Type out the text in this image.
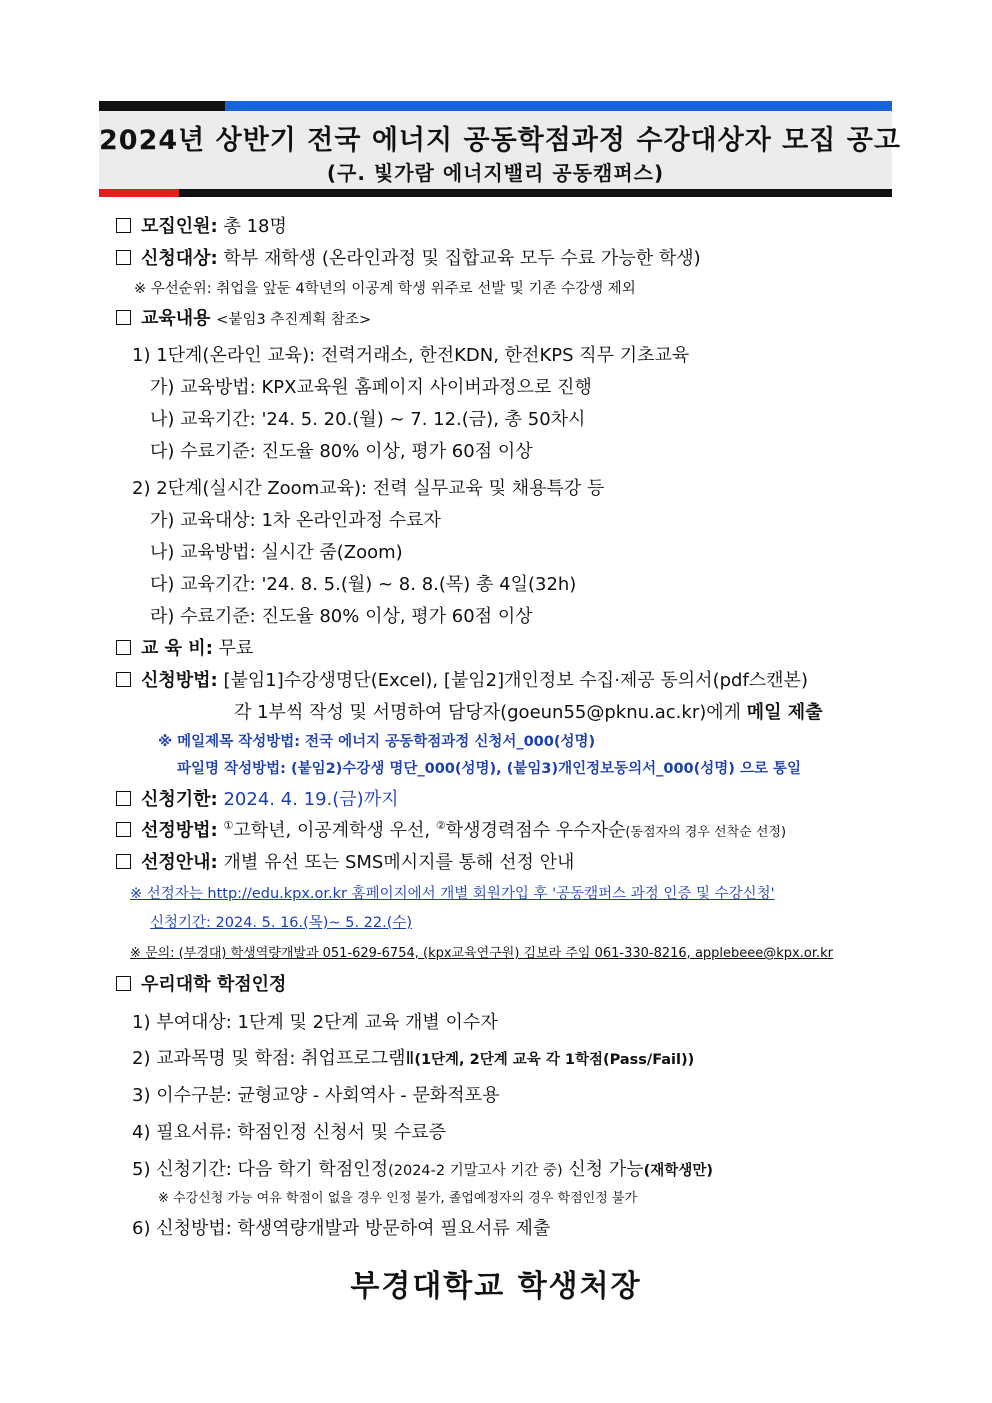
2024년 상반기 전국 에너지 공동학점과정 수강대상자 모집 공고
(구. 빛가람 에너지밸리 공동캠퍼스)
모집인원: 총 18명
신청대상: 학부 재학생 (온라인과정 및 집합교육 모두 수료 가능한 학생)
※ 우선순위: 취업을 앞둔 4학년의 이공계 학생 위주로 선발 및 기존 수강생 제외
교육내용 <붙임3 추진계획 참조>
1) 1단계(온라인 교육): 전력거래소, 한전KDN, 한전KPS 직무 기초교육
가) 교육방법: KPX교육원 홈페이지 사이버과정으로 진행
나) 교육기간: '24. 5. 20.(월) ~ 7. 12.(금), 총 50차시
다) 수료기준: 진도율 80% 이상, 평가 60점 이상
2) 2단계(실시간 Zoom교육): 전력 실무교육 및 채용특강 등
가) 교육대상: 1차 온라인과정 수료자
나) 교육방법: 실시간 줌(Zoom)
다) 교육기간: '24. 8. 5.(월) ~ 8. 8.(목) 총 4일(32h)
라) 수료기준: 진도율 80% 이상, 평가 60점 이상
교 육 비: 무료
신청방법: [붙임1]수강생명단(Excel), [붙임2]개인정보 수집·제공 동의서(pdf스캔본)
각 1부씩 작성 및 서명하여 담당자(goeun55@pknu.ac.kr)에게 메일 제출
※ 메일제목 작성방법: 전국 에너지 공동학점과정 신청서_000(성명)
파일명 작성방법: (붙임2)수강생 명단_000(성명), (붙임3)개인정보동의서_000(성명) 으로 통일
신청기한: 2024. 4. 19.(금)까지
선정방법: ①고학년, 이공계학생 우선, ②학생경력점수 우수자순(동점자의 경우 선착순 선정)
선정안내: 개별 유선 또는 SMS메시지를 통해 선정 안내
※ 선정자는 http://edu.kpx.or.kr 홈페이지에서 개별 회원가입 후 '공동캠퍼스 과정 인증 및 수강신청'
신청기간: 2024. 5. 16.(목)~ 5. 22.(수)
※ 문의: (부경대) 학생역량개발과 051-629-6754, (kpx교육연구원) 김보라 주임 061-330-8216, applebeee@kpx.or.kr
우리대학 학점인정
1) 부여대상: 1단계 및 2단계 교육 개별 이수자
2) 교과목명 및 학점: 취업프로그램Ⅱ(1단계, 2단계 교육 각 1학점(Pass/Fail))
3) 이수구분: 균형교양 - 사회역사 - 문화적포용
4) 필요서류: 학점인정 신청서 및 수료증
5) 신청기간: 다음 학기 학점인정(2024-2 기말고사 기간 중) 신청 가능(재학생만)
※ 수강신청 가능 여유 학점이 없을 경우 인정 불가, 졸업예정자의 경우 학점인정 불가
6) 신청방법: 학생역량개발과 방문하여 필요서류 제출
부경대학교 학생처장
